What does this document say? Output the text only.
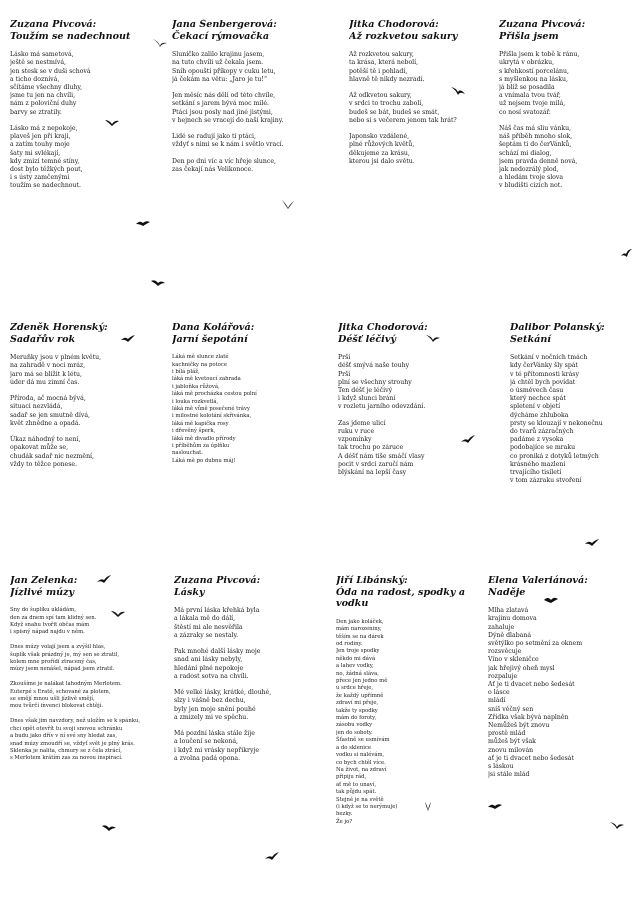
Zuzana Pivcová:
Toužím se nadechnout
Lásko má sametová,
ještě se nestmívá,
jen stesk se v duši schová
a ticho doznívá,
sčítáme všechny dluhy,
jsme tu jen na chvíli,
nám z poloviční duhy
barvy se ztratily.

Lásko má z nepokoje,
plaveš jen při kraji,
a zatím touhy moje
šaty mi svlékají,
kdy zmizí temné stíny,
dost bylo těžkých pout,
i s ústy zamčenými
toužím se nadechnout.
Jana Šenbergerová:
Čekací rýmovačka
Sluníčko zalilo krajinu jasem,
na tuto chvíli už čekala jsem.
Sníh opouští příkopy v cuku letu,
já čekám na větu: „Jaro je tu!“

Jen měsíc nás dělí od této chvíle,
setkání s jarem bývá moc milé.
Ptáci jsou posly nad jiné jistými,
v hejnech se vracejí do naší krajiny.

Lidé se radují jako ti ptáci,
vždyť s nimi se k nám i světlo vrací.

Den po dni víc a víc hřeje slunce,
zas čekají nás Velikonoce.
Jitka Chodorová:
Až rozkvetou sakury
Až rozkvetou sakury,
ta krása, která nebolí,
potěší tě i pohladí,
hlavně tě nikdy nezradí.

Až odkvetou sakury,
v srdci to trochu zabolí,
budeš se bát, budeš se smát,
nebo si s večerem jenom tak hrát?

Japonsko vzdálené,
plné růžových květů,
děkujeme za krásu,
kterou jsi dalo světu.
Zuzana Pivcová:
Přišla jsem
Přišla jsem k tobě k ránu,
ukrytá v obrázku,
s křehkostí porcelánu,
s myšlenkou na lásku,
já blíž se posadila
a vnímala tvou tvář,
už nejsem tvoje milá,
co nosí svatozář.

Náš čas má sliu vánku,
náš příběh mnoho slok,
šeptám ti do čerVánků,
schází mi dialog,
jsem pravda denně nová,
jak nedozrálý plod,
a hledám tvoje slova
v bludišti cizích not.
Zdeněk Horenský:
Sadařův rok
Meruňky jsou v plném květu,
na zahradě v noci mráz,
jaro má se blížit k létu,
úder dá mu zimní čas.

Příroda, ač mocná bývá,
situaci nezvládá,
sadař se jen smutně dívá,
květ zhnědne a opadá.

Úkaz náhodný to není,
opakovat může se,
chudák sadař nic nezmění,
vždy to těžce ponese.
Dana Kolářová:
Jarní šepotání
Láká mě slunce zlaté
kachničky na potoce
i bílá pláž,
láká mě kvetoucí zahrada
i jabloňka růžová,
láká mě procházka cestou polní
i louka rozkvetlá,
láká mě vůně posečené trávy
i milostné kolotání skřivánka,
láká mě kapička rosy
i dřevěný šperk,
láká mě divadlo přírody
i příběhům za úplňku
naslouchat.
Láká mě po dubnu máj!
Jitka Chodorová:
Déšť léčivý
Prší
déšť smývá naše touhy
Prší
plní se všechny strouhy
Ten déšť je léčivý
i když slunci brání
v rozletu jarního odevzdání.

Zas jdeme ulicí
ruku v ruce
vzpomínky
tak trochu po záruce
A déšť nám tiše smáčí vlasy
pocit v srdci zaručí nám
blýskání na lepší časy
Dalibor Polanský:
Setkání
Setkání v nočních tmách
kdy čerVánky šly spát
v té přítomnosti krásy
já chtěl bych povídat
o úsměvech času
který nechce spát
spletení v objetí
dýcháme zhluboka
prsty se klouzají v nekonečnu
do tvarů zázračných
padáme z vysoka
podobajíce se mraku
co proniká z dotyků letmých
krásného mazlení
trvajícího tisíletí
v tom zázraku stvoření
Jan Zelenka:
Jízlivé múzy
Sny do šuplíku ukládám,
den za dnem spí tam klidný sen.
Když snahu tvořit občas mám
i spisný nápad najdu v něm.

Dnes múzy volají jsem a zvýšil hlas,
šuplík však prázdný je, mý sen se ztratil,
kolem mne prořídí ztracený čas,
múzy jsem nenášel, nápad jsem ztratil.

Zkoušíme je nalákat lahodným Merlotem.
Euterpé s Erató, schované za plotem,
se smějí mnou ušli jízlivě smějí,
mou tvůrčí invenci blokovat chtějí.

Dnes však jim navzdory, než uložím se k spánku,
chci opět otevřít tu svoji snovou schránku
a budu jako dřív v ní své sny hledat zas,
snad múzy zmoudří se, vždyť svět je plný krás.
Sklenka je nalita, chmury se z čela ztrácí,
s Merlotem krátím zas za novou inspirací.
Zuzana Pivcová:
Lásky
Má první láska křehká byla
a lákala mě do dálí,
štěstí mi ale nesvěřila
a zázraky se nestaly.

Pak mnohé další lásky moje
snad ani lásky nebyly,
hledání plné nepokoje
a radost sotva na chvíli.

Mé velké lásky, krátké, dlouhé,
slzy i vášně bez dechu,
byly jen moje snění pouhé
a zmizely mi ve spěchu.

Má pozdní láska stále žije
a loučení se nekoná,
i když mi vrásky nepřikryje
a zvolna padá opona.
Jiří Libánský:
Óda na radost, spodky a vodku
Den jako koláček,
mám narozeniny,
těším se na dárek
od rodiny.
Jen troje spodky
někdo mi dává
a lahev vodky,
no, žádná sláva,
přece jen jedno mě
u srdce hřeje,
že každý upřímně
zdraví mi přeje,
takže ty spodky
mám do foroty,
zásobu vodky
jen do soboty.
Šťastně se usmívám
a do sklenice
vodku si nalévám,
co bych chtěl více.
Na život, na zdraví
připiju rád,
ať mě to unaví,
tak půjdu spát.
Stejně je na světě
(i když se to nerýmuje)
hezky.
Že jo?
Elena Valeriánová:
Naděje
Mlha zlatavá
krajinu domova
zahaluje
Dýně dlabaná
světýlko po setmění za oknem
rozsvěcuje
Víno v skleničce
jak hřejivý oheň mysl
rozpaluje
Ať je ti dvacet nebo šedesát
o lásce
mládí
sníš věčný sen
Zřídka však bývá naplněn
Nemůžeš být znovu
prostě mlád
můžeš být však
znovu milován
ať je ti dvacet nebo šedesát
s láskou
jsi stále mlád
